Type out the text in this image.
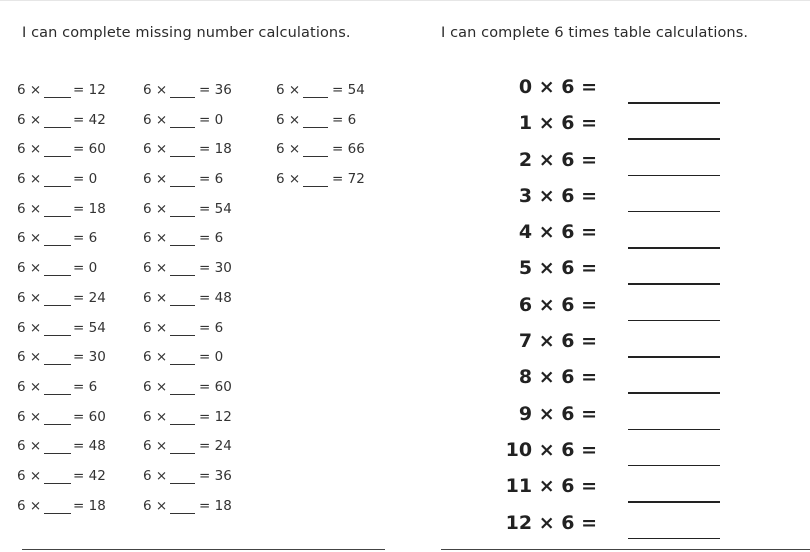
I can complete missing number calculations.	I can complete 6 times table calculations.
6 × = 12
6 × = 42
6 × = 60
6 × = 0
6 × = 18
6 × = 6
6 × = 0
6 × = 24
6 × = 54
6 × = 30
6 × = 6
6 × = 60
6 × = 48
6 × = 42
6 × = 18
6 × = 36
6 × = 0
6 × = 18
6 × = 6
6 × = 54
6 × = 6
6 × = 30
6 × = 48
6 × = 6
6 × = 0
6 × = 60
6 × = 12
6 × = 24
6 × = 36
6 × = 18
6 × = 54
6 × = 6
6 × = 66
6 × = 72
0 × 6 =
1 × 6 =
2 × 6 =
3 × 6 =
4 × 6 =
5 × 6 =
6 × 6 =
7 × 6 =
8 × 6 =
9 × 6 =
10 × 6 =
11 × 6 =
12 × 6 =
